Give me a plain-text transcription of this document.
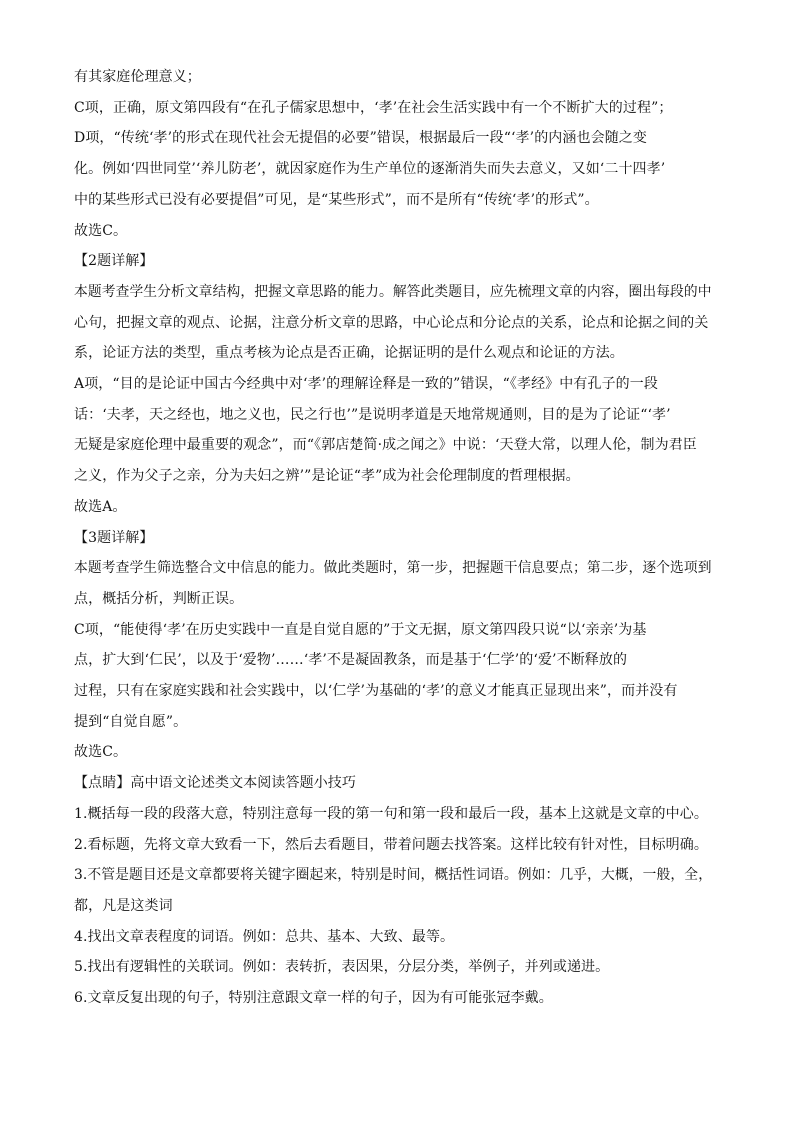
有其家庭伦理意义；
C项，正确，原文第四段有“在孔子儒家思想中，‘孝’在社会生活实践中有一个不断扩大的过程”；
D项，“传统‘孝’的形式在现代社会无提倡的必要”错误，根据最后一段“‘孝’的内涵也会随之变
化。例如‘四世同堂’‘养儿防老’，就因家庭作为生产单位的逐渐消失而失去意义，又如‘二十四孝’
中的某些形式已没有必要提倡”可见，是“某些形式”，而不是所有“传统‘孝’的形式”。
故选C。
【2题详解】
本题考查学生分析文章结构，把握文章思路的能力。解答此类题目，应先梳理文章的内容，圈出每段的中
心句，把握文章的观点、论据，注意分析文章的思路，中心论点和分论点的关系，论点和论据之间的关
系，论证方法的类型，重点考核为论点是否正确，论据证明的是什么观点和论证的方法。
A项，“目的是论证中国古今经典中对‘孝’的理解诠释是一致的”错误，“《孝经》中有孔子的一段
话：‘夫孝，天之经也，地之义也，民之行也’”是说明孝道是天地常规通则，目的是为了论证“‘孝’
无疑是家庭伦理中最重要的观念”，而“《郭店楚简·成之闻之》中说：‘天登大常，以理人伦，制为君臣
之义，作为父子之亲，分为夫妇之辨’”是论证“孝”成为社会伦理制度的哲理根据。
故选A。
【3题详解】
本题考查学生筛选整合文中信息的能力。做此类题时，第一步，把握题干信息要点；第二步，逐个选项到
点，概括分析，判断正误。
C项，“能使得‘孝’在历史实践中一直是自觉自愿的”于文无据，原文第四段只说“以‘亲亲’为基
点，扩大到‘仁民’，以及于‘爱物’……‘孝’不是凝固教条，而是基于‘仁学’的‘爱’不断释放的
过程，只有在家庭实践和社会实践中，以‘仁学’为基础的‘孝’的意义才能真正显现出来”，而并没有
提到“自觉自愿”。
故选C。
【点睛】高中语文论述类文本阅读答题小技巧
1.概括每一段的段落大意，特别注意每一段的第一句和第一段和最后一段，基本上这就是文章的中心。
2.看标题，先将文章大致看一下，然后去看题目，带着问题去找答案。这样比较有针对性，目标明确。
3.不管是题目还是文章都要将关键字圈起来，特别是时间，概括性词语。例如：几乎，大概，一般，全，
都，凡是这类词
4.找出文章表程度的词语。例如：总共、基本、大致、最等。
5.找出有逻辑性的关联词。例如：表转折，表因果，分层分类，举例子，并列或递进。
6.文章反复出现的句子，特别注意跟文章一样的句子，因为有可能张冠李戴。
